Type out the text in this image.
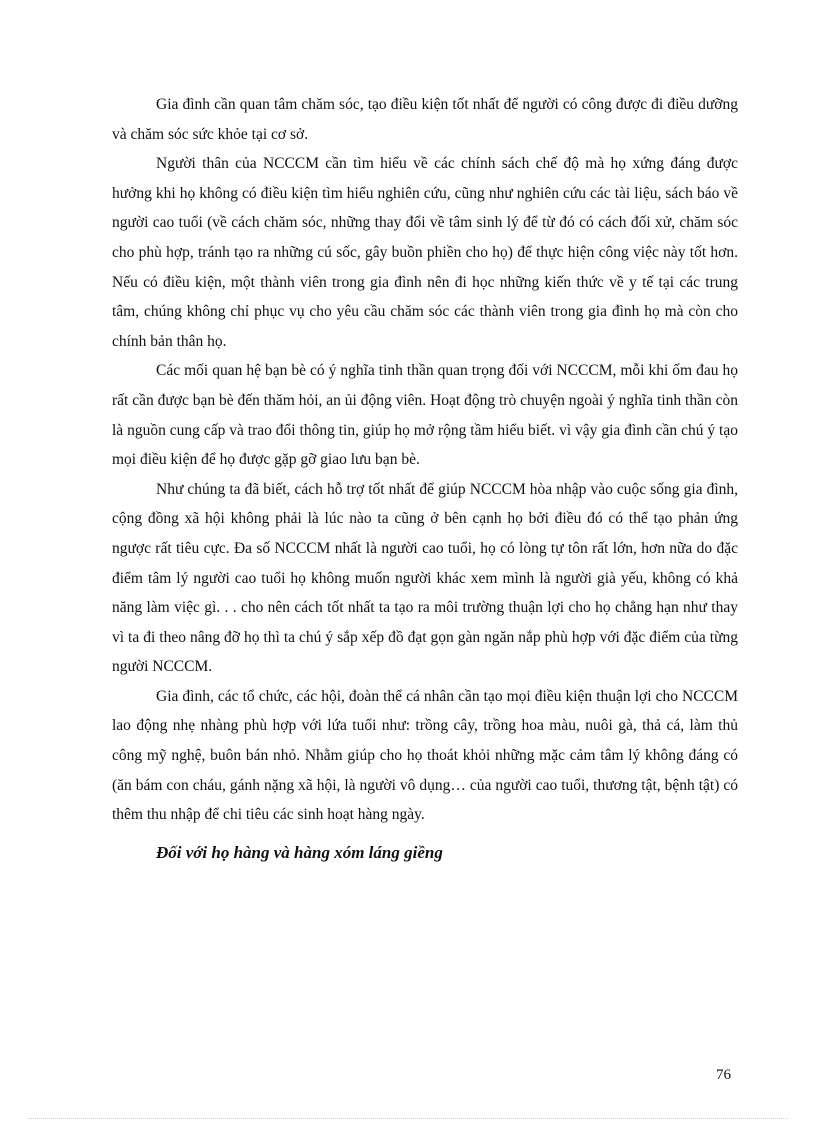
Gia đình cần quan tâm chăm sóc, tạo điều kiện tốt nhất để người có công được đi điều dưỡng và chăm sóc sức khỏe tại cơ sở.

Người thân của NCCCM cần tìm hiểu về các chính sách chế độ mà họ xứng đáng được hưởng khi họ không có điều kiện tìm hiểu nghiên cứu, cũng như nghiên cứu các tài liệu, sách báo về người cao tuổi (về cách chăm sóc, những thay đổi về tâm sinh lý để từ đó có cách đối xử, chăm sóc cho phù hợp, tránh tạo ra những cú sốc, gây buồn phiền cho họ) để thực hiện công việc này tốt hơn. Nếu có điều kiện, một thành viên trong gia đình nên đi học những kiến thức về y tế tại các trung tâm, chúng không chỉ phục vụ cho yêu cầu chăm sóc các thành viên trong gia đình họ mà còn cho chính bản thân họ.

Các mối quan hệ bạn bè có ý nghĩa tinh thần quan trọng đối với NCCCM, mỗi khi ốm đau họ rất cần được bạn bè đến thăm hỏi, an ủi động viên. Hoạt động trò chuyện ngoài ý nghĩa tinh thần còn là nguồn cung cấp và trao đổi thông tin, giúp họ mở rộng tầm hiểu biết. vì vậy gia đình cần chú ý tạo mọi điều kiện để họ được gặp gỡ giao lưu bạn bè.

Như chúng ta đã biết, cách hỗ trợ tốt nhất để giúp NCCCM hòa nhập vào cuộc sống gia đình, cộng đồng xã hội không phải là lúc nào ta cũng ở bên cạnh họ bởi điều đó có thể tạo phản ứng ngược rất tiêu cực. Đa số NCCCM nhất là người cao tuổi, họ có lòng tự tôn rất lớn, hơn nữa do đặc điểm tâm lý người cao tuổi họ không muốn người khác xem mình là người già yếu, không có khả năng làm việc gì. . . cho nên cách tốt nhất ta tạo ra môi trường thuận lợi cho họ chẳng hạn như thay vì ta đi theo nâng đỡ họ thì ta chú ý sắp xếp đồ đạt gọn gàn ngăn nắp phù hợp với đặc điểm của từng người NCCCM.

Gia đình, các tổ chức, các hội, đoàn thể cá nhân cần tạo mọi điều kiện thuận lợi cho NCCCM lao động nhẹ nhàng phù hợp với lứa tuổi như: trồng cây, trồng hoa màu, nuôi gà, thả cá, làm thủ công mỹ nghệ, buôn bán nhỏ. Nhằm giúp cho họ thoát khỏi những mặc cảm tâm lý không đáng có (ăn bám con cháu, gánh nặng xã hội, là người vô dụng… của người cao tuổi, thương tật, bệnh tật) có thêm thu nhập để chi tiêu các sinh hoạt hàng ngày.

Đối với họ hàng và hàng xóm láng giềng

76
